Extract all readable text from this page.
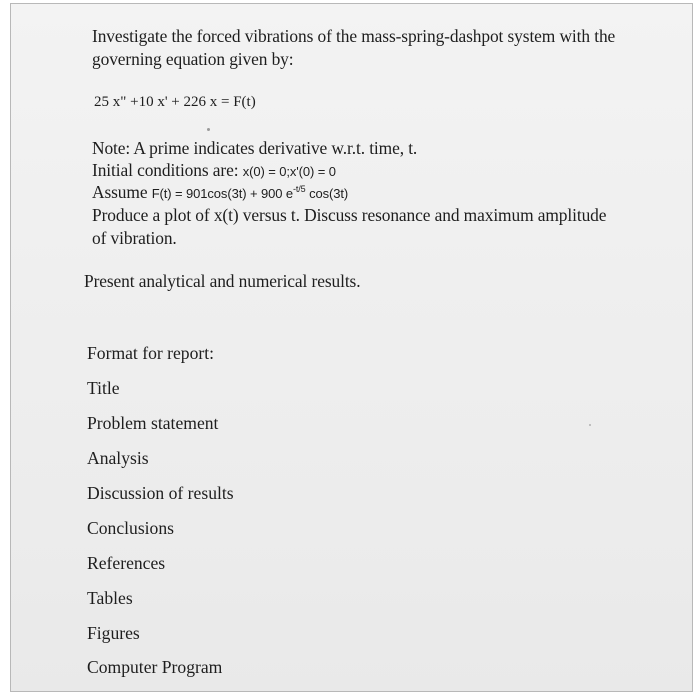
Investigate the forced vibrations of the mass-spring-dashpot system with the
governing equation given by:
25 x" +10 x' + 226 x = F(t)
Note: A prime indicates derivative w.r.t. time, t.
Initial conditions are: x(0) = 0;x'(0) = 0
Assume F(t) = 901cos(3t) + 900 $e^{-t/5}$ cos(3t)
Produce a plot of x(t) versus t. Discuss resonance and maximum amplitude
of vibration.
Present analytical and numerical results.
Format for report:
Title
Problem statement
Analysis
Discussion of results
Conclusions
References
Tables
Figures
Computer Program
